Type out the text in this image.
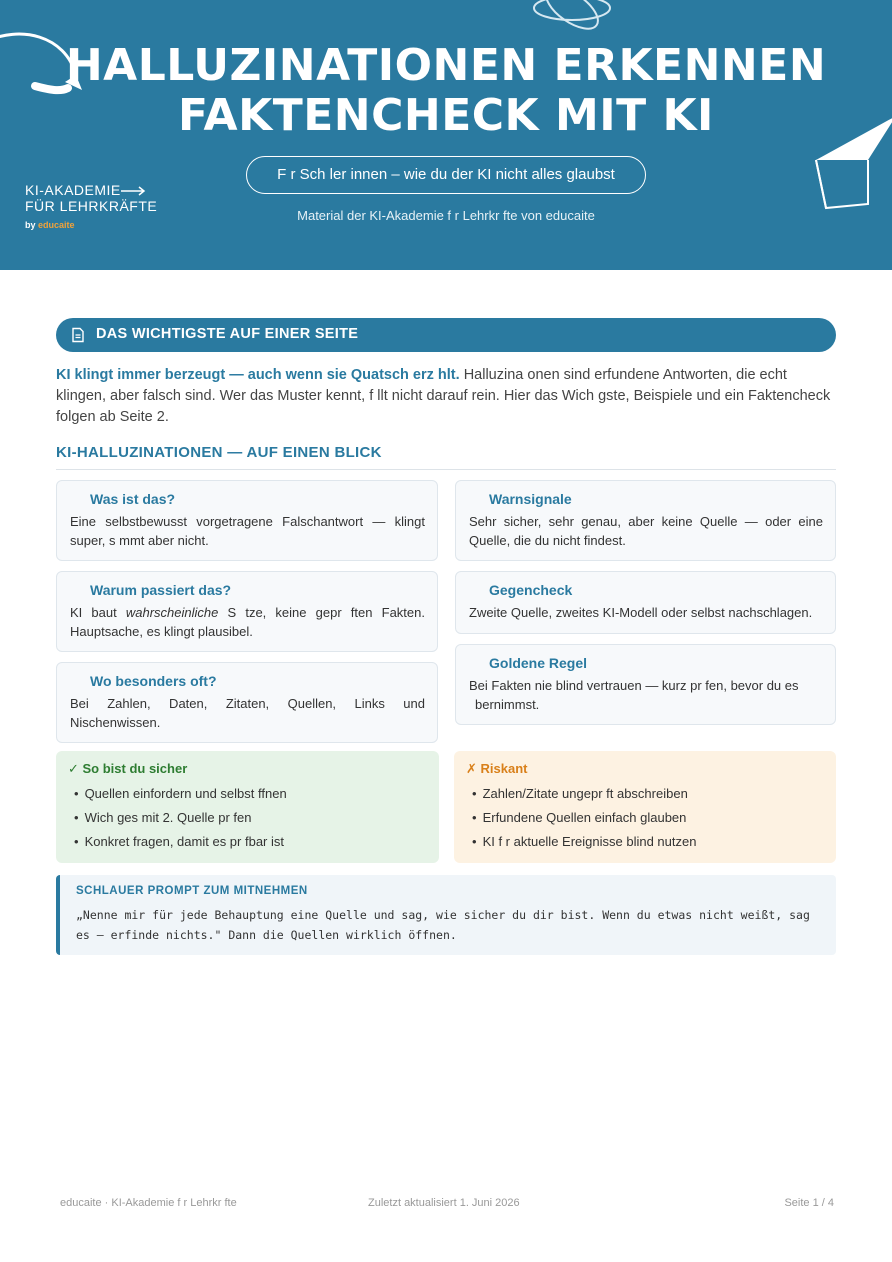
HALLUZINATIONEN ERKENNEN
FAKTENCHECK MIT KI
F r Sch ler innen – wie du der KI nicht alles glaubst
Material der KI-Akademie f r Lehrkr fte von educaite
KI-AKADEMIE
FÜR LEHRKRÄFTE
by educaite
DAS WICHTIGSTE AUF EINER SEITE
KI klingt immer berzeugt — auch wenn sie Quatsch erz hlt. Halluzina onen sind erfundene Antworten, die echt klingen, aber falsch sind. Wer das Muster kennt, f llt nicht darauf rein. Hier das Wich gste, Beispiele und ein Faktencheck folgen ab Seite 2.
KI-HALLUZINATIONEN — AUF EINEN BLICK
Was ist das?
Eine selbstbewusst vorgetragene Falschantwort — klingt super, s mmt aber nicht.
Warum passiert das?
KI baut wahrscheinliche S tze, keine gepr ften Fakten. Hauptsache, es klingt plausibel.
Wo besonders oft?
Bei Zahlen, Daten, Zitaten, Quellen, Links und Nischenwissen.
Warnsignale
Sehr sicher, sehr genau, aber keine Quelle — oder eine Quelle, die du nicht findest.
Gegencheck
Zweite Quelle, zweites KI-Modell oder selbst nachschlagen.
Goldene Regel
Bei Fakten nie blind vertrauen — kurz pr fen, bevor du es
bernimmst.
✓ So bist du sicher
• Quellen einfordern und selbst ffnen
• Wich ges mit 2. Quelle pr fen
• Konkret fragen, damit es pr fbar ist
✗ Riskant
• Zahlen/Zitate ungepr ft abschreiben
• Erfundene Quellen einfach glauben
• KI f r aktuelle Ereignisse blind nutzen
SCHLAUER PROMPT ZUM MITNEHMEN
„Nenne mir für jede Behauptung eine Quelle und sag, wie sicher du dir bist. Wenn du etwas nicht weißt, sag es — erfinde nichts." Dann die Quellen wirklich öffnen.
educaite · KI-Akademie f r Lehrkr fte	Zuletzt aktualisiert 1. Juni 2026	Seite 1 / 4
